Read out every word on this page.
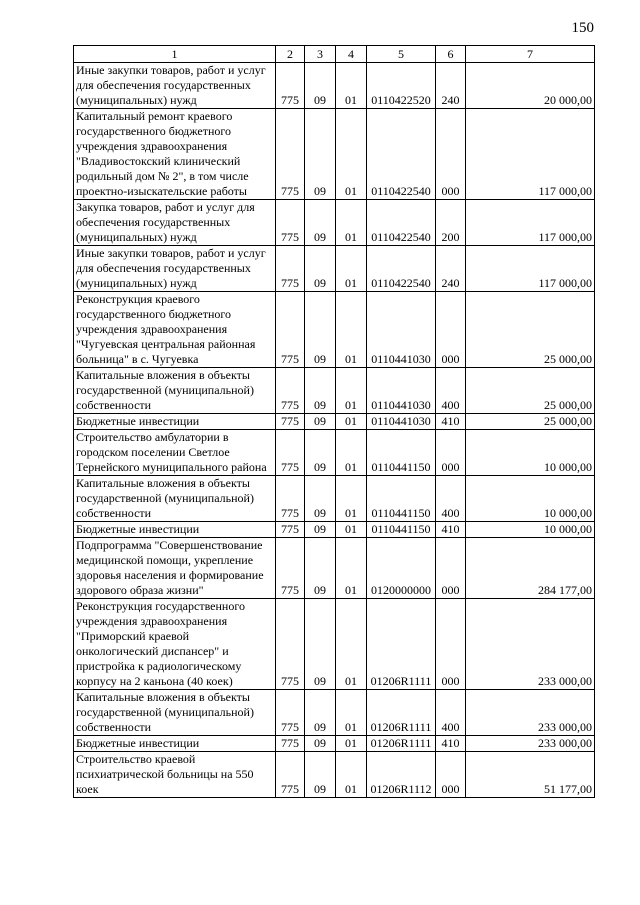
150
1	2	3	4	5	6	7
Иные закупки товаров, работ и услуг для обеспечения государственных (муниципальных) нужд	775	09	01	0110422520	240	20 000,00
Капитальный ремонт краевого государственного бюджетного учреждения здравоохранения "Владивостокский клинический родильный дом № 2", в том числе проектно-изыскательские работы	775	09	01	0110422540	000	117 000,00
Закупка товаров, работ и услуг для обеспечения государственных (муниципальных) нужд	775	09	01	0110422540	200	117 000,00
Иные закупки товаров, работ и услуг для обеспечения государственных (муниципальных) нужд	775	09	01	0110422540	240	117 000,00
Реконструкция краевого государственного бюджетного учреждения здравоохранения "Чугуевская центральная районная больница" в с. Чугуевка	775	09	01	0110441030	000	25 000,00
Капитальные вложения в объекты государственной (муниципальной) собственности	775	09	01	0110441030	400	25 000,00
Бюджетные инвестиции	775	09	01	0110441030	410	25 000,00
Строительство амбулатории в городском поселении Светлое Тернейского муниципального района	775	09	01	0110441150	000	10 000,00
Капитальные вложения в объекты государственной (муниципальной) собственности	775	09	01	0110441150	400	10 000,00
Бюджетные инвестиции	775	09	01	0110441150	410	10 000,00
Подпрограмма "Совершенствование медицинской помощи, укрепление здоровья населения и формирование здорового образа жизни"	775	09	01	0120000000	000	284 177,00
Реконструкция государственного учреждения здравоохранения "Приморский краевой онкологический диспансер" и пристройка к радиологическому корпусу на 2 каньона (40 коек)	775	09	01	01206R1111	000	233 000,00
Капитальные вложения в объекты государственной (муниципальной) собственности	775	09	01	01206R1111	400	233 000,00
Бюджетные инвестиции	775	09	01	01206R1111	410	233 000,00
Строительство краевой психиатрической больницы на 550 коек	775	09	01	01206R1112	000	51 177,00
